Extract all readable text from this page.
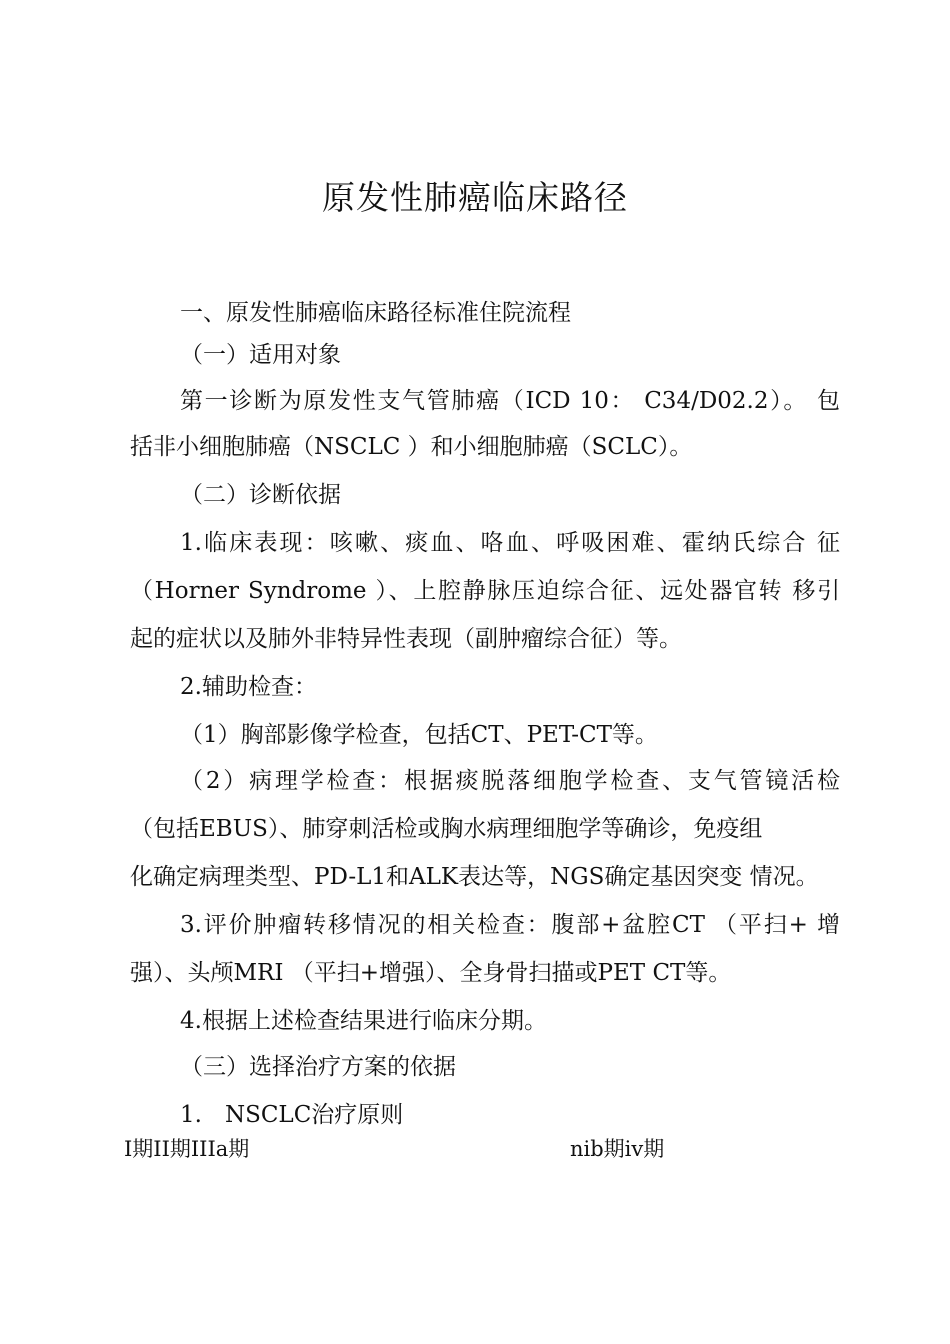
原发性肺癌临床路径
一、原发性肺癌临床路径标准住院流程
（一）适用对象
第一诊断为原发性支气管肺癌（ICD 10： C34/D02.2）。 包
括非小细胞肺癌（NSCLC ）和小细胞肺癌（SCLC）。
（二）诊断依据
1.临床表现：咳嗽、痰血、咯血、呼吸困难、霍纳氏综合 征
（Horner Syndrome ）、上腔静脉压迫综合征、远处器官转 移引
起的症状以及肺外非特异性表现（副肿瘤综合征）等。
2.辅助检查：
（1）胸部影像学检查，包括CT、PET-CT等。
（2）病理学检查：根据痰脱落细胞学检查、支气管镜活检
（包括EBUS）、肺穿刺活检或胸水病理细胞学等确诊，免疫组
化确定病理类型、PD-L1和ALK表达等，NGS确定基因突变 情况。
3.评价肿瘤转移情况的相关检查：腹部+盆腔CT （平扫+ 增
强）、头颅MRI （平扫+增强）、全身骨扫描或PET CT等。
4.根据上述检查结果进行临床分期。
（三）选择治疗方案的依据
1.　NSCLC治疗原则
I期II期IIIa期	nib期iv期
